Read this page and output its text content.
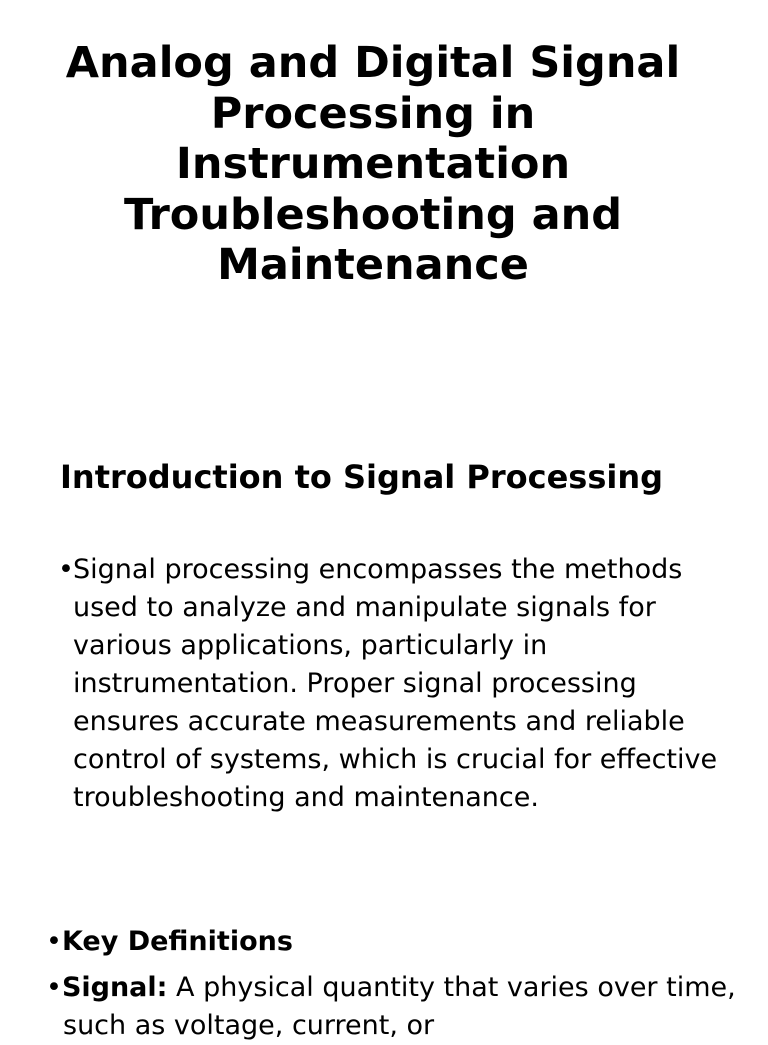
Analog and Digital Signal Processing in Instrumentation Troubleshooting and Maintenance
Introduction to Signal Processing

•Signal processing encompasses the methods used to analyze and manipulate signals for various applications, particularly in instrumentation. Proper signal processing ensures accurate measurements and reliable control of systems, which is crucial for effective troubleshooting and maintenance.

•Key Definitions

•Signal: A physical quantity that varies over time, such as voltage, current, or
